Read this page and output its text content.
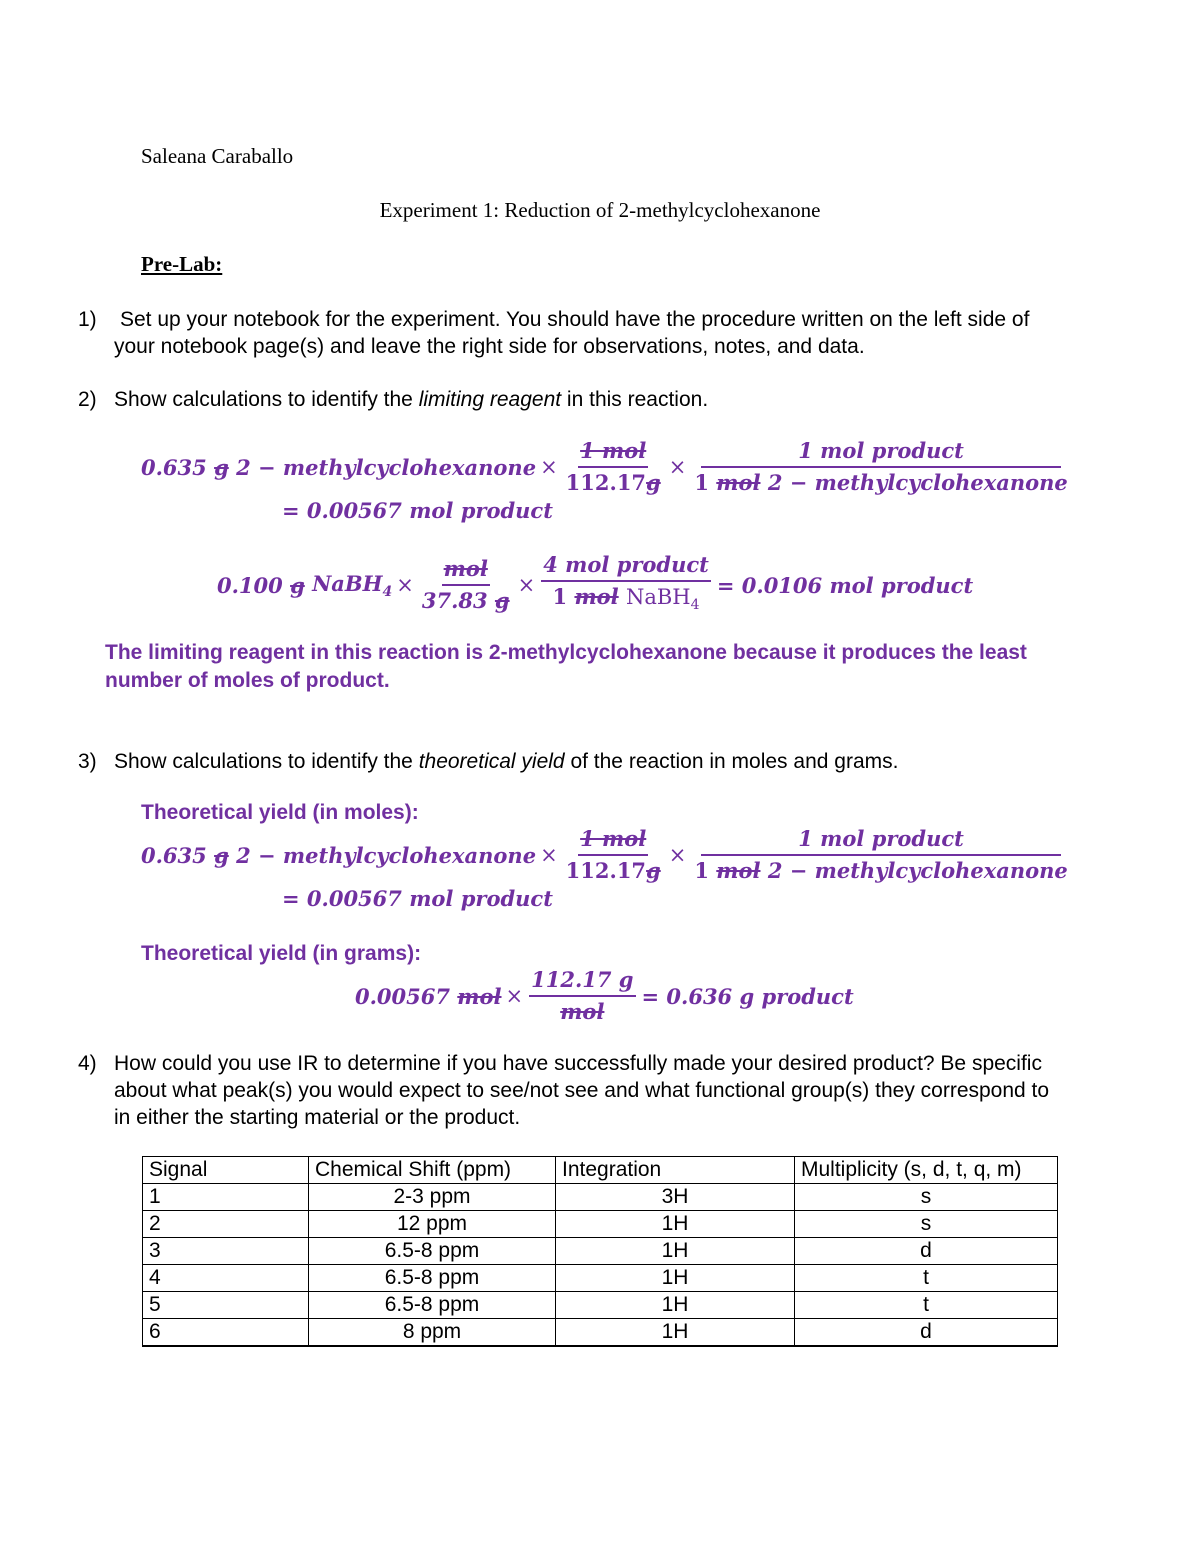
Saleana Caraballo
Experiment 1: Reduction of 2-methylcyclohexanone
Pre-Lab:
1) Set up your notebook for the experiment. You should have the procedure written on the left side of your notebook page(s) and leave the right side for observations, notes, and data.
2) Show calculations to identify the limiting reagent in this reaction.
0.635
g
2 − methylcyclohexanone × $\frac{\text{1 mol}}{112.17g} \times \frac{\text{1 mol product}}{\text{1 mol 2 − methylcyclohexanone}}$
= 0.00567 mol product
0.100
g
NaBH$_4$ × $\frac{\text{mol}}{37.83 g} \times \frac{\text{4 mol product}}{1 mol NaBH_4} = 0.0106$ mol product
The limiting reagent in this reaction is 2-methylcyclohexanone because it produces the least number of moles of product.
3) Show calculations to identify the theoretical yield of the reaction in moles and grams.
Theoretical yield (in moles):
0.635
g
2 − methylcyclohexanone × $\frac{\text{1 mol}}{112.17g} \times \frac{\text{1 mol product}}{\text{1 mol 2 − methylcyclohexanone}}$
= 0.00567 mol product
Theoretical yield (in grams):
0.00567
mol × $\frac{112.17 g}{\text{mol}} = 0.636$ g product
4) How could you use IR to determine if you have successfully made your desired product? Be specific about what peak(s) you would expect to see/not see and what functional group(s) they correspond to in either the starting material or the product.
Signal	Chemical Shift (ppm)	Integration	Multiplicity (s, d, t, q, m)
1	2-3 ppm	3H	s
2	12 ppm	1H	s
3	6.5-8 ppm	1H	d
4	6.5-8 ppm	1H	t
5	6.5-8 ppm	1H	t
6	8 ppm	1H	d
